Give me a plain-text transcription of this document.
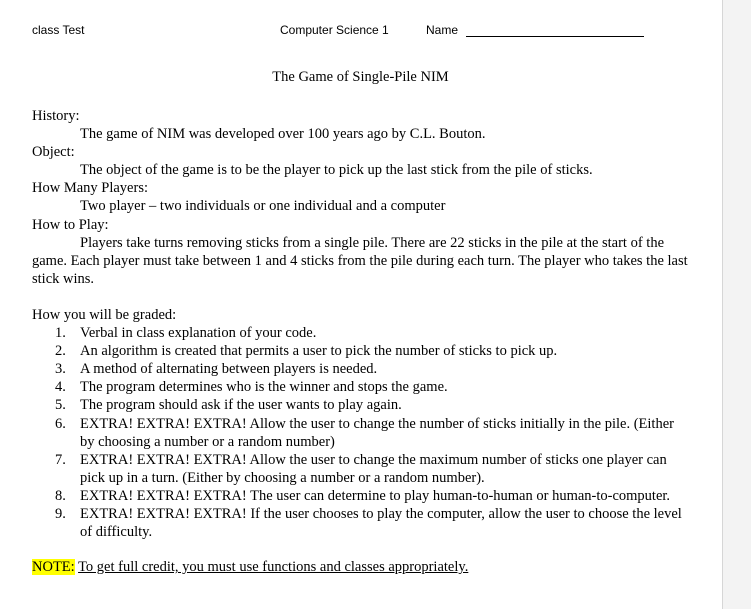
class Test	Computer Science 1	Name
The Game of Single-Pile NIM

History:

The game of NIM was developed over 100 years ago by C.L. Bouton.

Object:

The object of the game is to be the player to pick up the last stick from the pile of sticks.

How Many Players:

Two player – two individuals or one individual and a computer

How to Play:

Players take turns removing sticks from a single pile. There are 22 sticks in the pile at the start of the game. Each player must take between 1 and 4 sticks from the pile during each turn. The player who takes the last stick wins.

How you will be graded:

1. Verbal in class explanation of your code.
2. An algorithm is created that permits a user to pick the number of sticks to pick up.
3. A method of alternating between players is needed.
4. The program determines who is the winner and stops the game.
5. The program should ask if the user wants to play again.
6. EXTRA! EXTRA! EXTRA! Allow the user to change the number of sticks initially in the pile. (Either by choosing a number or a random number)
7. EXTRA! EXTRA! EXTRA! Allow the user to change the maximum number of sticks one player can pick up in a turn. (Either by choosing a number or a random number).
8. EXTRA! EXTRA! EXTRA! The user can determine to play human-to-human or human-to-computer.
9. EXTRA! EXTRA! EXTRA! If the user chooses to play the computer, allow the user to choose the level of difficulty.

NOTE: To get full credit, you must use functions and classes appropriately.
